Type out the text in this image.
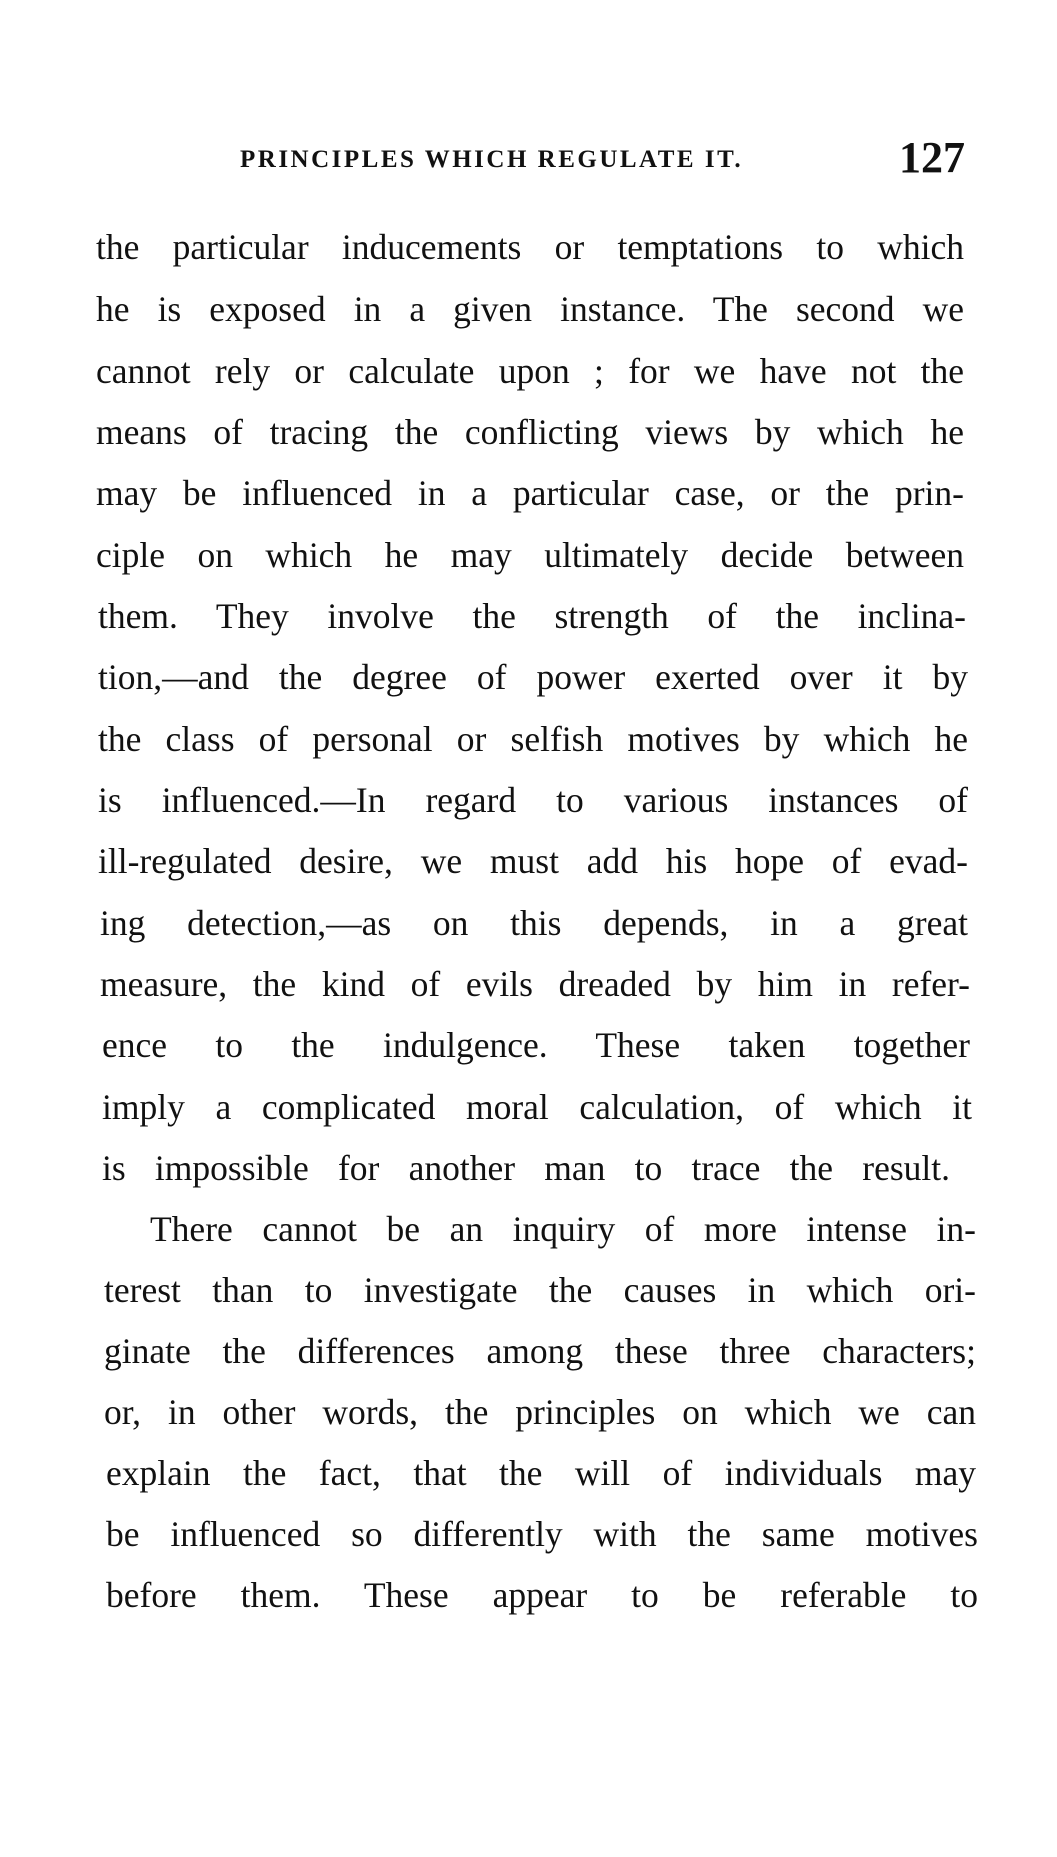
PRINCIPLES WHICH REGULATE IT.	127
the particular inducements or temptations to which
he is exposed in a given instance. The second we
cannot rely or calculate upon ; for we have not the
means of tracing the conflicting views by which he
may be influenced in a particular case, or the prin-
ciple on which he may ultimately decide between
them. They involve the strength of the inclina-
tion,—and the degree of power exerted over it by
the class of personal or selfish motives by which he
is influenced.—In regard to various instances of
ill-regulated desire, we must add his hope of evad-
ing detection,—as on this depends, in a great
measure, the kind of evils dreaded by him in refer-
ence to the indulgence. These taken together
imply a complicated moral calculation, of which it
is impossible for another man to trace the result.
There cannot be an inquiry of more intense in-
terest than to investigate the causes in which ori-
ginate the differences among these three characters;
or, in other words, the principles on which we can
explain the fact, that the will of individuals may
be influenced so differently with the same motives
before them. These appear to be referable to
